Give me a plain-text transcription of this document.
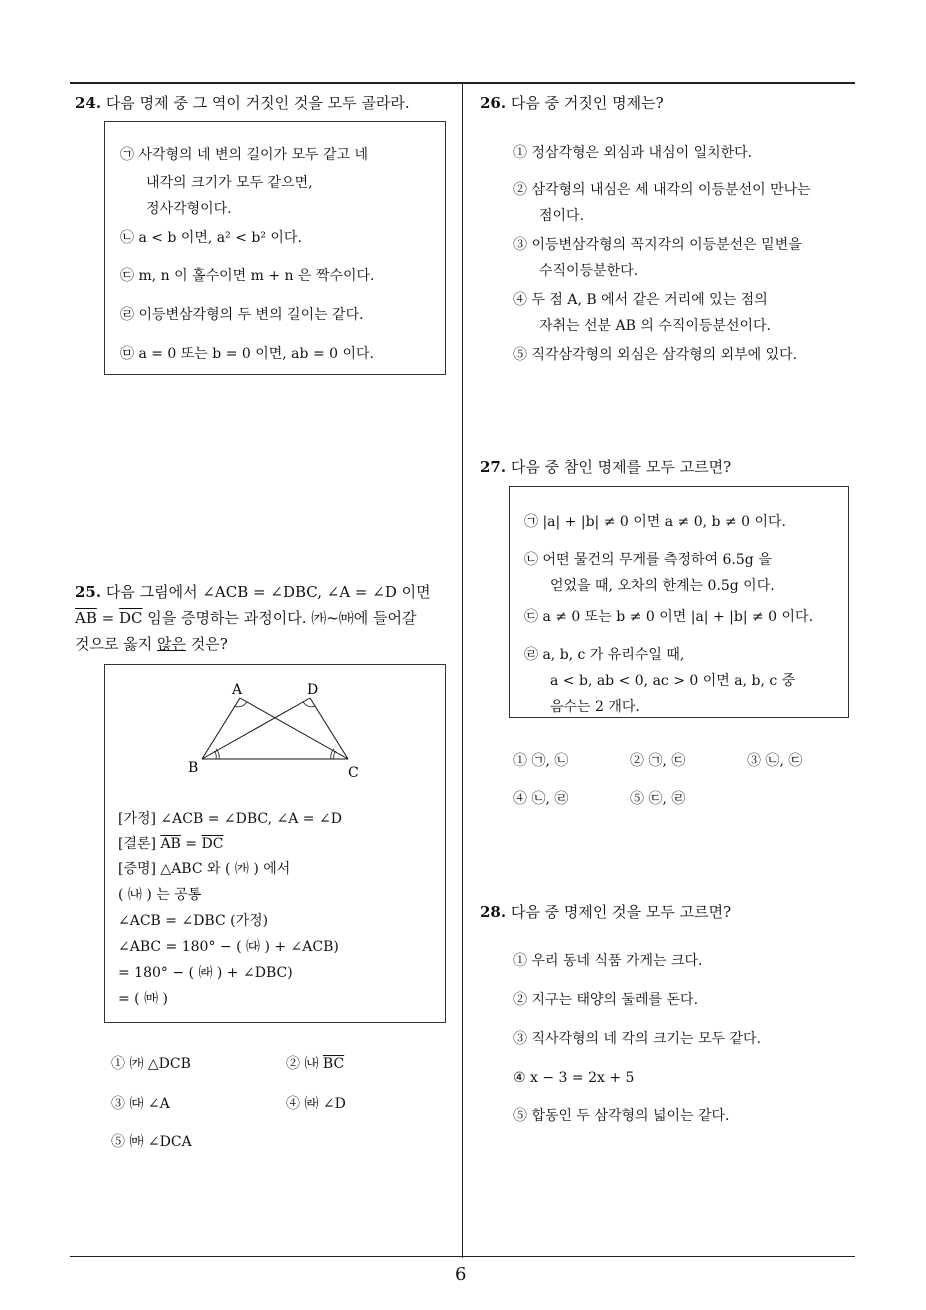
6
24. 다음 명제 중 그 역이 거짓인 것을 모두 골라라.
㉠ 사각형의 네 변의 길이가 모두 같고 네
내각의 크기가 모두 같으면,
정사각형이다.
㉡ a < b 이면, a² < b² 이다.
㉢ m, n 이 홀수이면 m + n 은 짝수이다.
㉣ 이등변삼각형의 두 변의 길이는 같다.
㉤ a = 0 또는 b = 0 이면, ab = 0 이다.
25. 다음 그림에서 ∠ACB = ∠DBC, ∠A = ∠D 이면
$\overline{AB} = \overline{DC}$ 임을 증명하는 과정이다. ㈎~㈒에 들어갈
것으로 옳지 않은 것은?
A	D
B	C
[가정] ∠ACB = ∠DBC, ∠A = ∠D
[결론] $\overline{AB} = \overline{DC}$
[증명] △ABC 와 ( ㈎ ) 에서
( ㈏ ) 는 공통
∠ACB = ∠DBC (가정)
∠ABC = 180° − ( ㈐ ) + ∠ACB)
= 180° − ( ㈑ ) + ∠DBC)
= ( ㈒ )
① ㈎ △DCB	② ㈏ $\overline{BC}$
③ ㈐ ∠A	④ ㈑ ∠D
⑤ ㈒ ∠DCA
26. 다음 중 거짓인 명제는?
① 정삼각형은 외심과 내심이 일치한다.
② 삼각형의 내심은 세 내각의 이등분선이 만나는
점이다.
③ 이등변삼각형의 꼭지각의 이등분선은 밑변을
수직이등분한다.
④ 두 점 A, B 에서 같은 거리에 있는 점의
자취는 선분 AB 의 수직이등분선이다.
⑤ 직각삼각형의 외심은 삼각형의 외부에 있다.
27. 다음 중 참인 명제를 모두 고르면?
㉠ |a| + |b| ≠ 0 이면 a ≠ 0, b ≠ 0 이다.
㉡ 어떤 물건의 무게를 측정하여 6.5g 을
얻었을 때, 오차의 한계는 0.5g 이다.
㉢ a ≠ 0 또는 b ≠ 0 이면 |a| + |b| ≠ 0 이다.
㉣ a, b, c 가 유리수일 때,
a < b, ab < 0, ac > 0 이면 a, b, c 중
음수는 2 개다.
① ㉠, ㉡	② ㉠, ㉢	③ ㉡, ㉢
④ ㉡, ㉣	⑤ ㉢, ㉣
28. 다음 중 명제인 것을 모두 고르면?
① 우리 동네 식품 가게는 크다.
② 지구는 태양의 둘레를 돈다.
③ 직사각형의 네 각의 크기는 모두 같다.
④ x − 3 = 2x + 5
⑤ 합동인 두 삼각형의 넓이는 같다.
